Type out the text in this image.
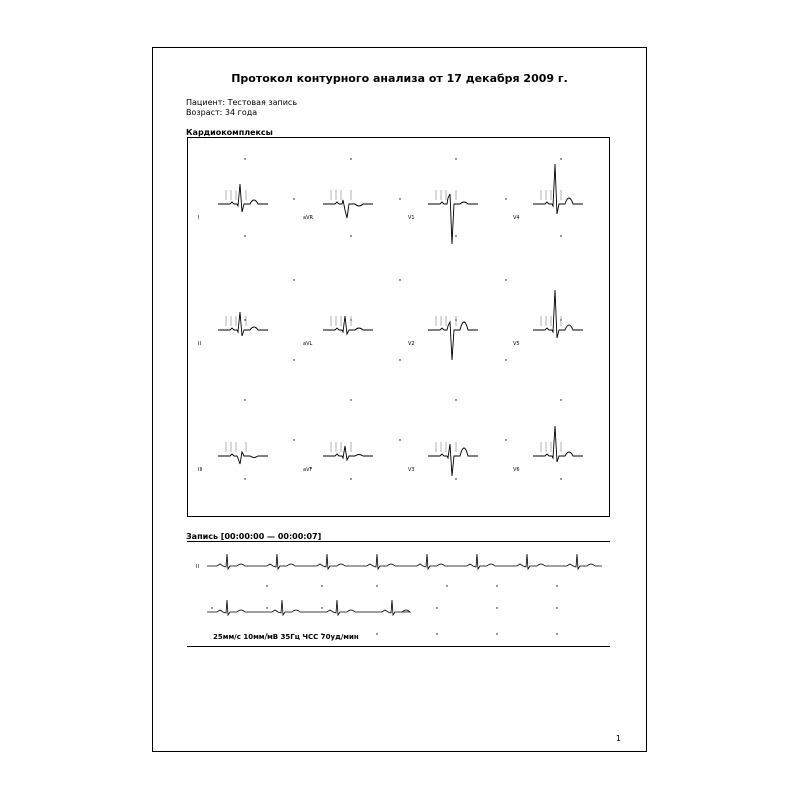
Протокол контурного анализа от 17 декабря 2009 г.
Пациент: Тестовая запись
Возраст: 34 года
Кардиокомплексы
I	aVR	V1	V4
II	aVL	V2	V5
III	aVF	V3	V6
Запись [00:00:00 — 00:00:07]
II
25мм/с 10мм/мВ 35Гц ЧСС 70уд/мин
1
